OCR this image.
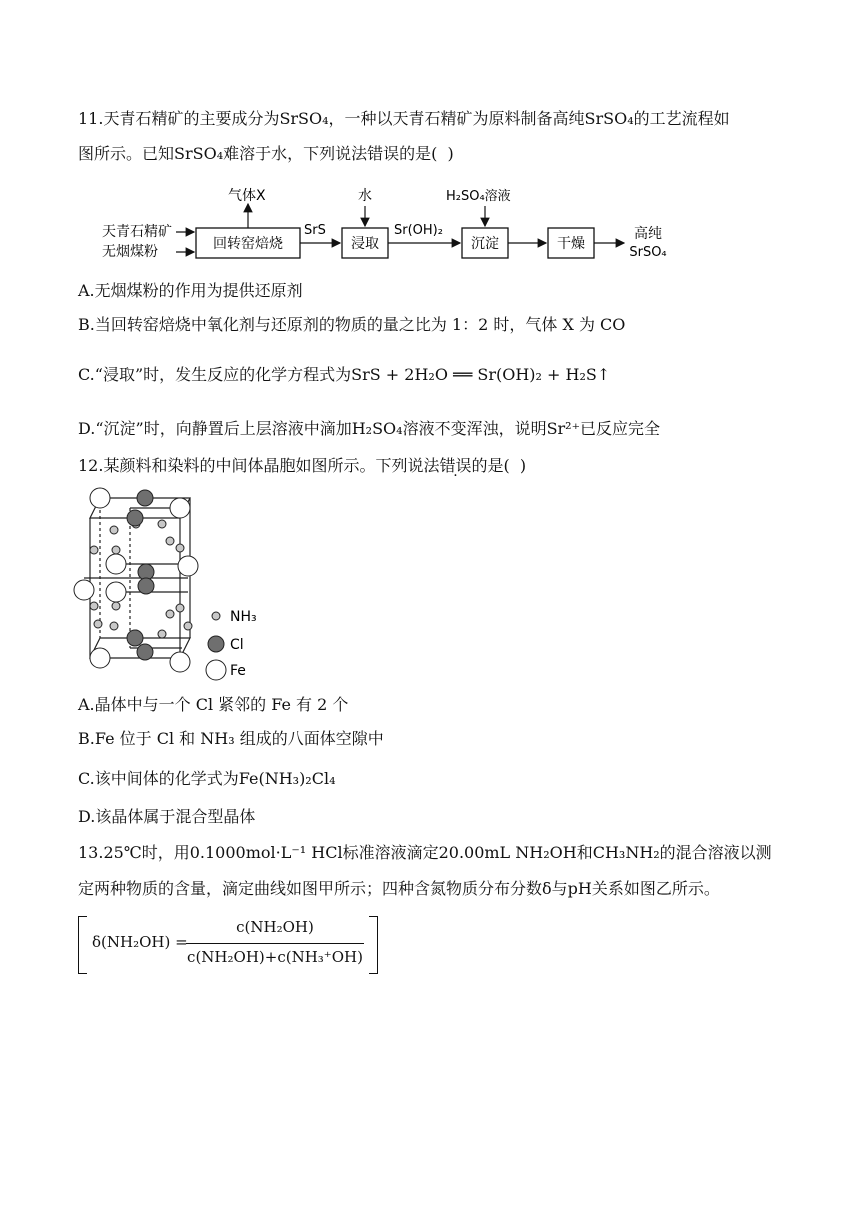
11.天青石精矿的主要成分为SrSO₄，一种以天青石精矿为原料制备高纯SrSO₄的工艺流程如
图所示。已知SrSO₄难溶于水，下列说法错误的是(  )
天青石精矿
无烟煤粉	回转窑焙烧
气体X
SrS
浸取
水
Sr(OH)₂
沉淀
H₂SO₄溶液
干燥
高纯
SrSO₄
A.无烟煤粉的作用为提供还原剂
B.当回转窑焙烧中氧化剂与还原剂的物质的量之比为 1：2 时，气体 X 为 CO
C.“浸取”时，发生反应的化学方程式为SrS + 2H₂O ══ Sr(OH)₂ + H₂S↑
D.“沉淀”时，向静置后上层溶液中滴加H₂SO₄溶液不变浑浊，说明Sr²⁺已反应完全
12.某颜料和染料的中间体晶胞如图所示。下列说法错误的是(  )
NH₃
Cl
Fe
A.晶体中与一个 Cl 紧邻的 Fe 有 2 个
B.Fe 位于 Cl 和 NH₃ 组成的八面体空隙中
C.该中间体的化学式为Fe(NH₃)₂Cl₄
D.该晶体属于混合型晶体
13.25℃时，用0.1000mol·L⁻¹ HCl标准溶液滴定20.00mL NH₂OH和CH₃NH₂的混合溶液以测
定两种物质的含量，滴定曲线如图甲所示；四种含氮物质分布分数δ与pH关系如图乙所示。
δ(NH₂OH) =
c(NH₂OH)
c(NH₂OH)+c(NH₃⁺OH)
